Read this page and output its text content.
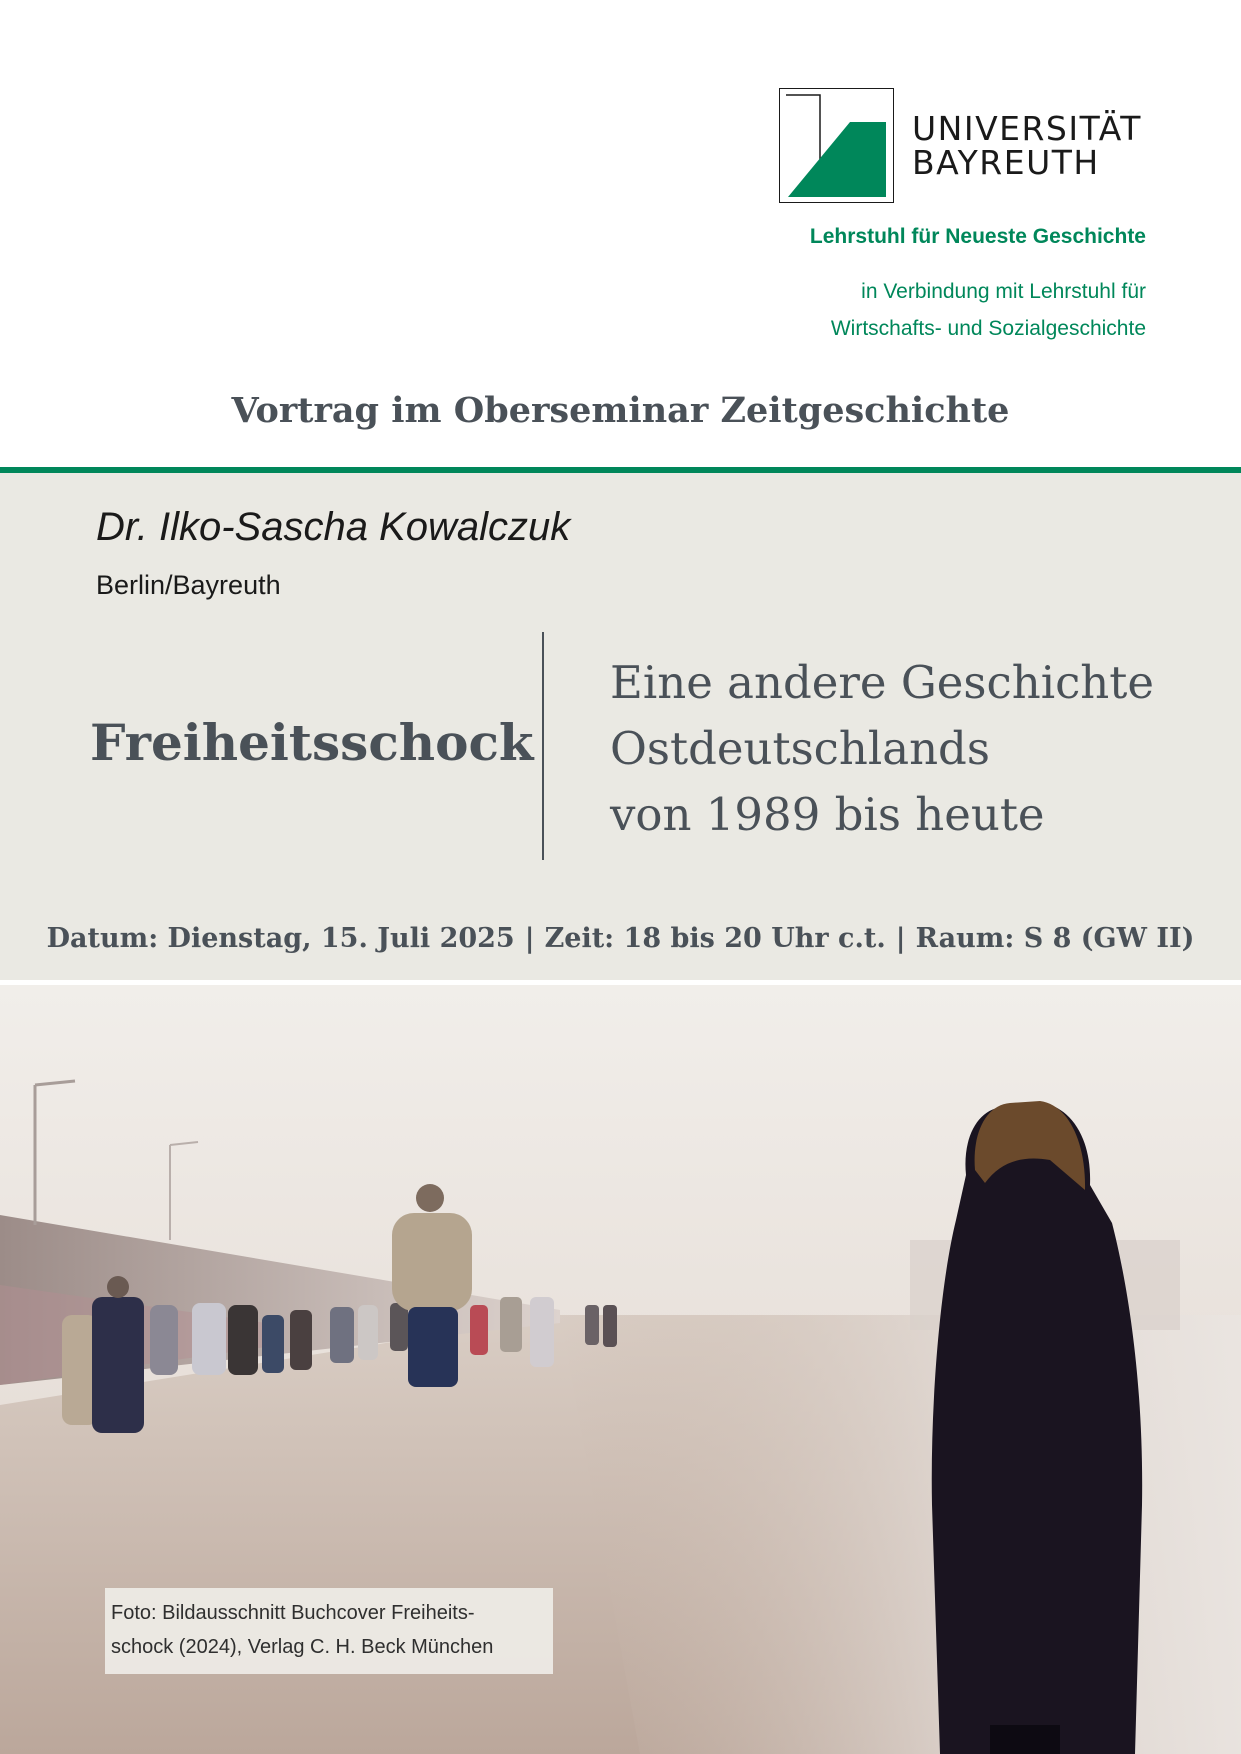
UNIVERSITÄT
BAYREUTH
Lehrstuhl für Neueste Geschichte
in Verbindung mit Lehrstuhl für
Wirtschafts- und Sozialgeschichte
Vortrag im Oberseminar Zeitgeschichte
Dr. Ilko-Sascha Kowalczuk
Berlin/Bayreuth
Freiheitsschock
Eine andere Geschichte
Ostdeutschlands
von 1989 bis heute
Datum: Dienstag, 15. Juli 2025 | Zeit: 18 bis 20 Uhr c.t. | Raum: S 8 (GW II)
Foto: Bildausschnitt Buchcover Freiheits-
schock (2024), Verlag C. H. Beck München
